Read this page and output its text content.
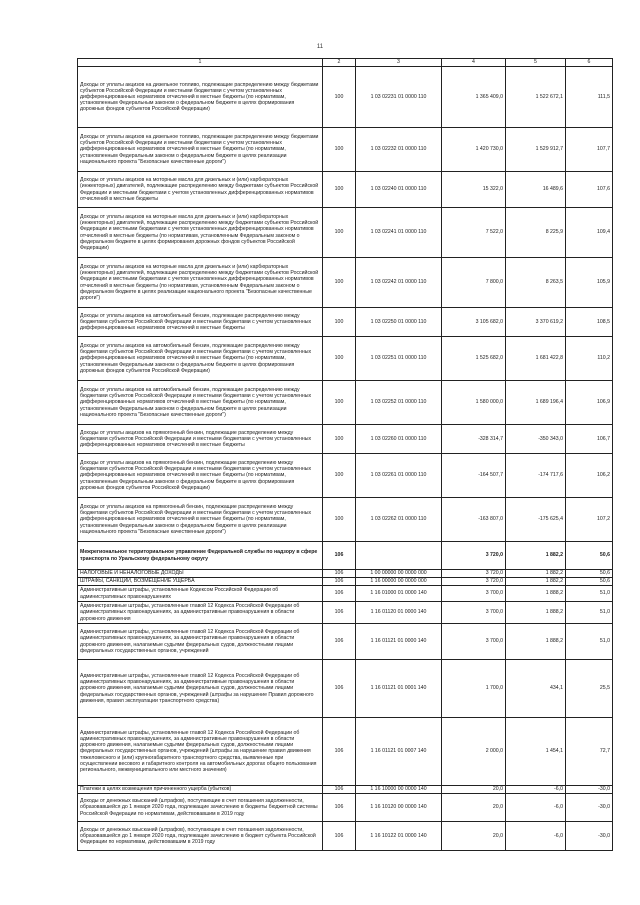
11
1	2	3	4	5	6
Доходы от уплаты акцизов на дизельное топливо, подлежащие распределению между бюджетами субъектов Российской Федерации и местными бюджетами с учетом установленных дифференцированных нормативов отчислений в местные бюджеты (по нормативам, установленным Федеральным законом о федеральном бюджете в целях формирования дорожных фондов субъектов Российской Федерации)	100	1 03 02231 01 0000 110	1 365 409,0	1 522 672,1	111,5
Доходы от уплаты акцизов на дизельное топливо, подлежащие распределению между бюджетами субъектов Российской Федерации и местными бюджетами с учетом установленных дифференцированных нормативов отчислений в местные бюджеты (по нормативам, установленным Федеральным законом о федеральном бюджете в целях реализации национального проекта "Безопасные качественные дороги")	100	1 03 02232 01 0000 110	1 420 730,0	1 529 912,7	107,7
Доходы от уплаты акцизов на моторные масла для дизельных и (или) карбюраторных (инжекторных) двигателей, подлежащие распределению между бюджетами субъектов Российской Федерации и местными бюджетами с учетом установленных дифференцированных нормативов отчислений в местные бюджеты	100	1 03 02240 01 0000 110	15 322,0	16 489,6	107,6
Доходы от уплаты акцизов на моторные масла для дизельных и (или) карбюраторных (инжекторных) двигателей, подлежащие распределению между бюджетами субъектов Российской Федерации и местными бюджетами с учетом установленных дифференцированных нормативов отчислений в местные бюджеты (по нормативам, установленным Федеральным законом о федеральном бюджете в целях формирования дорожных фондов субъектов Российской Федерации)	100	1 03 02241 01 0000 110	7 522,0	8 225,9	109,4
Доходы от уплаты акцизов на моторные масла для дизельных и (или) карбюраторных (инжекторных) двигателей, подлежащие распределению между бюджетами субъектов Российской Федерации и местными бюджетами с учетом установленных дифференцированных нормативов отчислений в местные бюджеты (по нормативам, установленным Федеральным законом о федеральном бюджете в целях реализации национального проекта "Безопасные качественные дороги")	100	1 03 02242 01 0000 110	7 800,0	8 263,5	105,9
Доходы от уплаты акцизов на автомобильный бензин, подлежащие распределению между бюджетами субъектов Российской Федерации и местными бюджетами с учетом установленных дифференцированных нормативов отчислений в местные бюджеты	100	1 03 02250 01 0000 110	3 105 682,0	3 370 619,2	108,5
Доходы от уплаты акцизов на автомобильный бензин, подлежащие распределению между бюджетами субъектов Российской Федерации и местными бюджетами с учетом установленных дифференцированных нормативов отчислений в местные бюджеты (по нормативам, установленным Федеральным законом о федеральном бюджете в целях формирования дорожных фондов субъектов Российской Федерации)	100	1 03 02251 01 0000 110	1 525 682,0	1 681 422,8	110,2
Доходы от уплаты акцизов на автомобильный бензин, подлежащие распределению между бюджетами субъектов Российской Федерации и местными бюджетами с учетом установленных дифференцированных нормативов отчислений в местные бюджеты (по нормативам, установленным Федеральным законом о федеральном бюджете в целях реализации национального проекта "Безопасные качественные дороги")	100	1 03 02252 01 0000 110	1 580 000,0	1 689 196,4	106,9
Доходы от уплаты акцизов на прямогонный бензин, подлежащие распределению между бюджетами субъектов Российской Федерации и местными бюджетами с учетом установленных дифференцированных нормативов отчислений в местные бюджеты	100	1 03 02260 01 0000 110	-328 314,7	-350 343,0	106,7
Доходы от уплаты акцизов на прямогонный бензин, подлежащие распределению между бюджетами субъектов Российской Федерации и местными бюджетами с учетом установленных дифференцированных нормативов отчислений в местные бюджеты (по нормативам, установленным Федеральным законом о федеральном бюджете в целях формирования дорожных фондов субъектов Российской Федерации)	100	1 03 02261 01 0000 110	-164 507,7	-174 717,6	106,2
Доходы от уплаты акцизов на прямогонный бензин, подлежащие распределению между бюджетами субъектов Российской Федерации и местными бюджетами с учетом установленных дифференцированных нормативов отчислений в местные бюджеты (по нормативам, установленным Федеральным законом о федеральном бюджете в целях реализации национального проекта "Безопасные качественные дороги")	100	1 03 02262 01 0000 110	-163 807,0	-175 625,4	107,2
Межрегиональное территориальное управление Федеральной службы по надзору в сфере транспорта по Уральскому федеральному округу	106		3 720,0	1 882,2	50,6
НАЛОГОВЫЕ И НЕНАЛОГОВЫЕ ДОХОДЫ	106	1 00 00000 00 0000 000	3 720,0	1 882,2	50,6
ШТРАФЫ, САНКЦИИ, ВОЗМЕЩЕНИЕ УЩЕРБА	106	1 16 00000 00 0000 000	3 720,0	1 882,2	50,6
Административные штрафы, установленные Кодексом Российской Федерации об административных правонарушениях	106	1 16 01000 01 0000 140	3 700,0	1 888,2	51,0
Административные штрафы, установленные главой 12 Кодекса Российской Федерации об административных правонарушениях, за административные правонарушения в области дорожного движения	106	1 16 01120 01 0000 140	3 700,0	1 888,2	51,0
Административные штрафы, установленные главой 12 Кодекса Российской Федерации об административных правонарушениях, за административные правонарушения в области дорожного движения, налагаемые судьями федеральных судов, должностными лицами федеральных государственных органов, учреждений	106	1 16 01121 01 0000 140	3 700,0	1 888,2	51,0
Административные штрафы, установленные главой 12 Кодекса Российской Федерации об административных правонарушениях, за административные правонарушения в области дорожного движения, налагаемые судьями федеральных судов, должностными лицами федеральных государственных органов, учреждений (штрафы за нарушение Правил дорожного движения, правил эксплуатации транспортного средства)	106	1 16 01121 01 0001 140	1 700,0	434,1	25,5
Административные штрафы, установленные главой 12 Кодекса Российской Федерации об административных правонарушениях, за административные правонарушения в области дорожного движения, налагаемые судьями федеральных судов, должностными лицами федеральных государственных органов, учреждений (штрафы за нарушение правил движения тяжеловесного и (или) крупногабаритного транспортного средства, выявленные при осуществлении весового и габаритного контроля на автомобильных дорогах общего пользования регионального, межмуниципального или местного значения)	106	1 16 01121 01 0007 140	2 000,0	1 454,1	72,7
Платежи в целях возмещения причиненного ущерба (убытков)	106	1 16 10000 00 0000 140	20,0	-6,0	-30,0
Доходы от денежных взысканий (штрафов), поступающие в счет погашения задолженности, образовавшейся до 1 января 2020 года, подлежащие зачислению в бюджеты бюджетной системы Российской Федерации по нормативам, действовавшим в 2019 году	106	1 16 10120 00 0000 140	20,0	-6,0	-30,0
Доходы от денежных взысканий (штрафов), поступающие в счет погашения задолженности, образовавшейся до 1 января 2020 года, подлежащие зачислению в бюджет субъекта Российской Федерации по нормативам, действовавшим в 2019 году	106	1 16 10122 01 0000 140	20,0	-6,0	-30,0
